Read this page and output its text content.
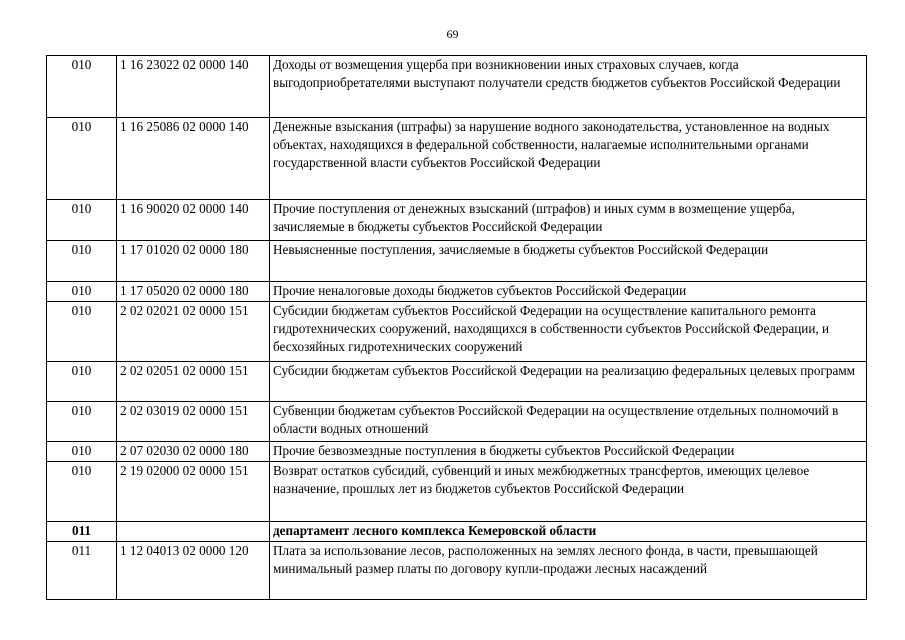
69
010	1 16 23022 02 0000 140	Доходы от возмещения ущерба при возникновении иных страховых случаев, когда выгодоприобретателями выступают получатели средств бюджетов субъектов Российской Федерации
010	1 16 25086 02 0000 140	Денежные взыскания (штрафы) за нарушение водного законодательства, установленное на водных объектах, находящихся в федеральной собственности, налагаемые исполнительными органами государственной власти субъектов Российской Федерации
010	1 16 90020 02 0000 140	Прочие поступления от денежных взысканий (штрафов) и иных сумм в возмещение ущерба, зачисляемые в бюджеты субъектов Российской Федерации
010	1 17 01020 02 0000 180	Невыясненные поступления, зачисляемые в бюджеты субъектов Российской Федерации
010	1 17 05020 02 0000 180	Прочие неналоговые доходы бюджетов субъектов Российской Федерации
010	2 02 02021 02 0000 151	Субсидии бюджетам субъектов Российской Федерации на осуществление капитального ремонта гидротехнических сооружений, находящихся в собственности субъектов Российской Федерации, и бесхозяйных гидротехнических сооружений
010	2 02 02051 02 0000 151	Субсидии бюджетам субъектов Российской Федерации на реализацию федеральных целевых программ
010	2 02 03019 02 0000 151	Субвенции бюджетам субъектов Российской Федерации на осуществление отдельных полномочий в области водных отношений
010	2 07 02030 02 0000 180	Прочие безвозмездные поступления в бюджеты субъектов Российской Федерации
010	2 19 02000 02 0000 151	Возврат остатков субсидий, субвенций и иных межбюджетных трансфертов, имеющих целевое назначение, прошлых лет из бюджетов субъектов Российской Федерации
011		департамент лесного комплекса Кемеровской области
011	1 12 04013 02 0000 120	Плата за использование лесов, расположенных на землях лесного фонда, в части, превышающей минимальный размер платы по договору купли-продажи лесных насаждений
